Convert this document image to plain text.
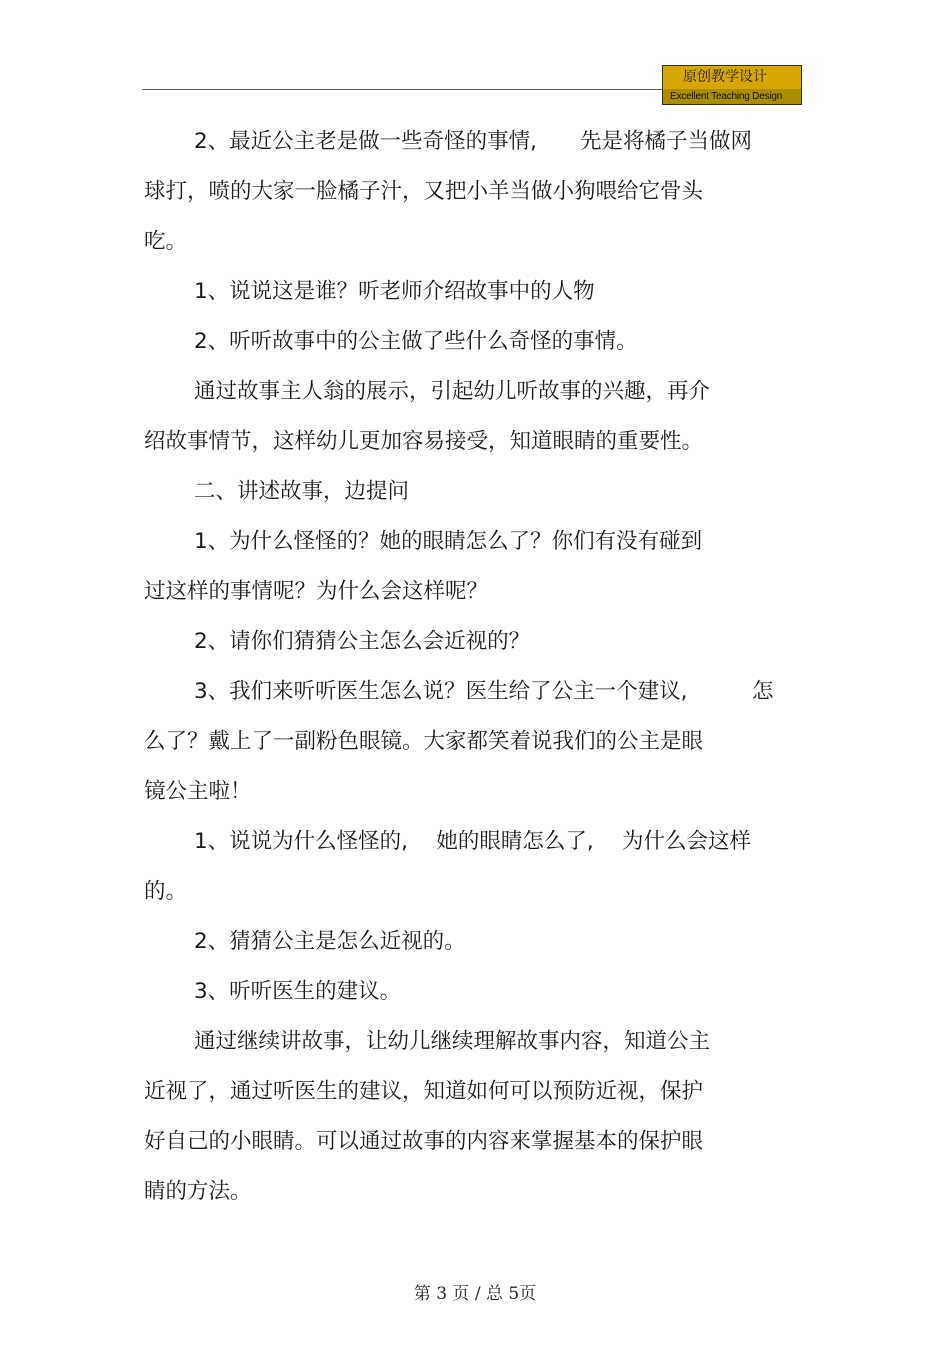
原创教学设计
Excellent Teaching Design
2、最近公主老是做一些奇怪的事情,　　先是将橘子当做网
球打，喷的大家一脸橘子汁，又把小羊当做小狗喂给它骨头
吃。
1、说说这是谁？听老师介绍故事中的人物
2、听听故事中的公主做了些什么奇怪的事情。
通过故事主人翁的展示，引起幼儿听故事的兴趣，再介
绍故事情节，这样幼儿更加容易接受，知道眼睛的重要性。
二、讲述故事，边提问
1、为什么怪怪的？她的眼睛怎么了？你们有没有碰到
过这样的事情呢？为什么会这样呢？
2、请你们猜猜公主怎么会近视的？
3、我们来听听医生怎么说？医生给了公主一个建议,　　　怎
么了？戴上了一副粉色眼镜。大家都笑着说我们的公主是眼
镜公主啦！
1、说说为什么怪怪的,　 她的眼睛怎么了,　 为什么会这样
的。
2、猜猜公主是怎么近视的。
3、听听医生的建议。
通过继续讲故事，让幼儿继续理解故事内容，知道公主
近视了，通过听医生的建议，知道如何可以预防近视，保护
好自己的小眼睛。可以通过故事的内容来掌握基本的保护眼
睛的方法。
第 3 页 / 总 5页
